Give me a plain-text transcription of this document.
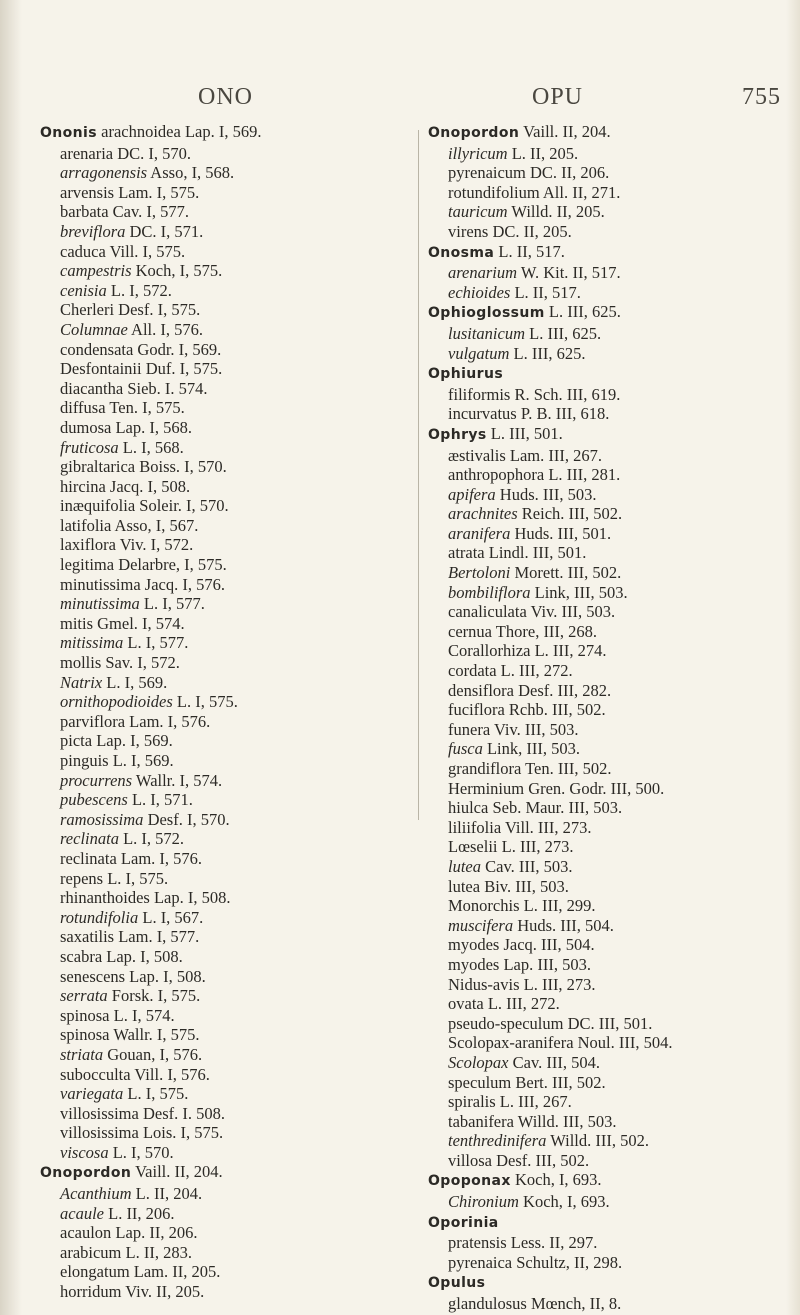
ONO	OPU	755
Ononis arachnoidea Lap. I, 569.
arenaria DC. I, 570.
arragonensis Asso, I, 568.
arvensis Lam. I, 575.
barbata Cav. I, 577.
breviflora DC. I, 571.
caduca Vill. I, 575.
campestris Koch, I, 575.
cenisia L. I, 572.
Cherleri Desf. I, 575.
Columnae All. I, 576.
condensata Godr. I, 569.
Desfontainii Duf. I, 575.
diacantha Sieb. I. 574.
diffusa Ten. I, 575.
dumosa Lap. I, 568.
fruticosa L. I, 568.
gibraltarica Boiss. I, 570.
hircina Jacq. I, 508.
inæquifolia Soleir. I, 570.
latifolia Asso, I, 567.
laxiflora Viv. I, 572.
legitima Delarbre, I, 575.
minutissima Jacq. I, 576.
minutissima L. I, 577.
mitis Gmel. I, 574.
mitissima L. I, 577.
mollis Sav. I, 572.
Natrix L. I, 569.
ornithopodioides L. I, 575.
parviflora Lam. I, 576.
picta Lap. I, 569.
pinguis L. I, 569.
procurrens Wallr. I, 574.
pubescens L. I, 571.
ramosissima Desf. I, 570.
reclinata L. I, 572.
reclinata Lam. I, 576.
repens L. I, 575.
rhinanthoides Lap. I, 508.
rotundifolia L. I, 567.
saxatilis Lam. I, 577.
scabra Lap. I, 508.
senescens Lap. I, 508.
serrata Forsk. I, 575.
spinosa L. I, 574.
spinosa Wallr. I, 575.
striata Gouan, I, 576.
subocculta Vill. I, 576.
variegata L. I, 575.
villosissima Desf. I. 508.
villosissima Lois. I, 575.
viscosa L. I, 570.
Onopordon Vaill. II, 204.
Acanthium L. II, 204.
acaule L. II, 206.
acaulon Lap. II, 206.
arabicum L. II, 283.
elongatum Lam. II, 205.
horridum Viv. II, 205.
Onopordon Vaill. II, 204.
illyricum L. II, 205.
pyrenaicum DC. II, 206.
rotundifolium All. II, 271.
tauricum Willd. II, 205.
virens DC. II, 205.
Onosma L. II, 517.
arenarium W. Kit. II, 517.
echioides L. II, 517.
Ophioglossum L. III, 625.
lusitanicum L. III, 625.
vulgatum L. III, 625.
Ophiurus
filiformis R. Sch. III, 619.
incurvatus P. B. III, 618.
Ophrys L. III, 501.
æstivalis Lam. III, 267.
anthropophora L. III, 281.
apifera Huds. III, 503.
arachnites Reich. III, 502.
aranifera Huds. III, 501.
atrata Lindl. III, 501.
Bertoloni Morett. III, 502.
bombiliflora Link, III, 503.
canaliculata Viv. III, 503.
cernua Thore, III, 268.
Corallorhiza L. III, 274.
cordata L. III, 272.
densiflora Desf. III, 282.
fuciflora Rchb. III, 502.
funera Viv. III, 503.
fusca Link, III, 503.
grandiflora Ten. III, 502.
Herminium Gren. Godr. III, 500.
hiulca Seb. Maur. III, 503.
liliifolia Vill. III, 273.
Lœselii L. III, 273.
lutea Cav. III, 503.
lutea Biv. III, 503.
Monorchis L. III, 299.
muscifera Huds. III, 504.
myodes Jacq. III, 504.
myodes Lap. III, 503.
Nidus-avis L. III, 273.
ovata L. III, 272.
pseudo-speculum DC. III, 501.
Scolopax-aranifera Noul. III, 504.
Scolopax Cav. III, 504.
speculum Bert. III, 502.
spiralis L. III, 267.
tabanifera Willd. III, 503.
tenthredinifera Willd. III, 502.
villosa Desf. III, 502.
Opoponax Koch, I, 693.
Chironium Koch, I, 693.
Oporinia
pratensis Less. II, 297.
pyrenaica Schultz, II, 298.
Opulus
glandulosus Mœnch, II, 8.
